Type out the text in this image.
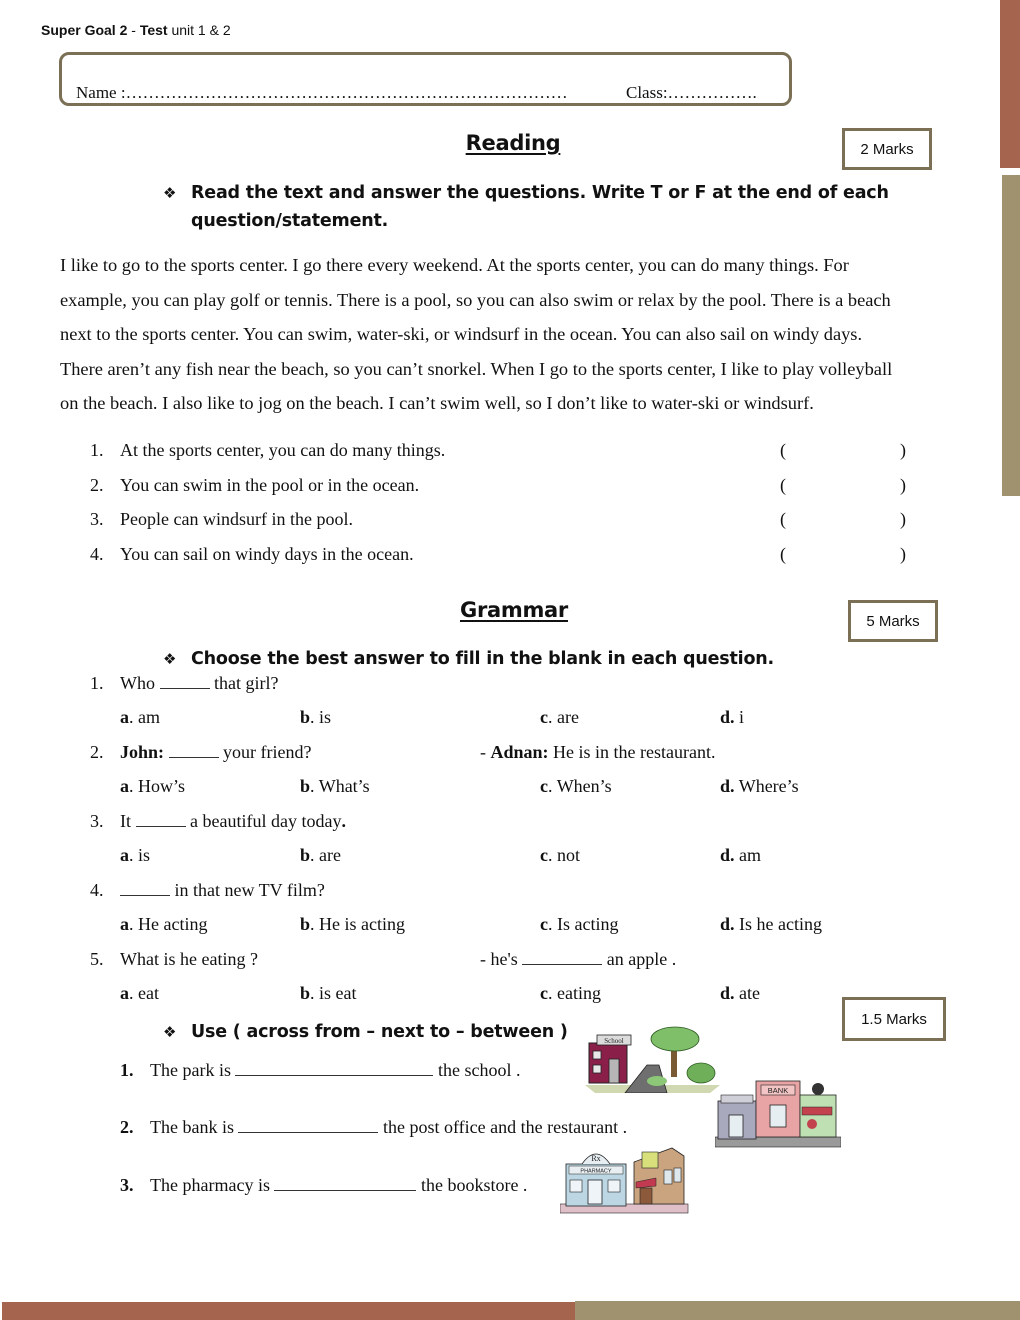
Super Goal 2 - Test unit 1 & 2
Name :……………………………………………………………………	Class:…………….
Reading	2 Marks
❖ Read the text and answer the questions. Write T or F at the end of each
question/statement.
I like to go to the sports center. I go there every weekend. At the sports center, you can do many things. For
example, you can play golf or tennis. There is a pool, so you can also swim or relax by the pool. There is a beach
next to the sports center. You can swim, water-ski, or windsurf in the ocean. You can also sail on windy days.
There aren’t any fish near the beach, so you can’t snorkel. When I go to the sports center, I like to play volleyball
on the beach. I also like to jog on the beach. I can’t swim well, so I don’t like to water-ski or windsurf.
1. At the sports center, you can do many things.	(	)
2. You can swim in the pool or in the ocean.	(	)
3. People can windsurf in the pool.	(	)
4. You can sail on windy days in the ocean.	(	)
Grammar	5 Marks
❖ Choose the best answer to fill in the blank in each question.
1. Who	that girl?
a. am	b. is	c. are	d. i
2. John:	your friend?	- Adnan: He is in the restaurant.
a. How’s	b. What’s	c. When’s	d. Where’s
3. It	a beautiful day today.
a. is	b. are	c. not	d. am
4.	in that new TV film?
a. He acting	b. He is acting	c. Is acting	d. Is he acting
5. What is he eating ?	- he's	an apple .
a. eat	b. is eat	c. eating	d. ate
1.5 Marks
❖ Use ( across from – next to – between )
1. The park is	the school .
2. The bank is	the post office and the restaurant .
3. The pharmacy is	the bookstore .
School
BANK
Rx
PHARMACY
